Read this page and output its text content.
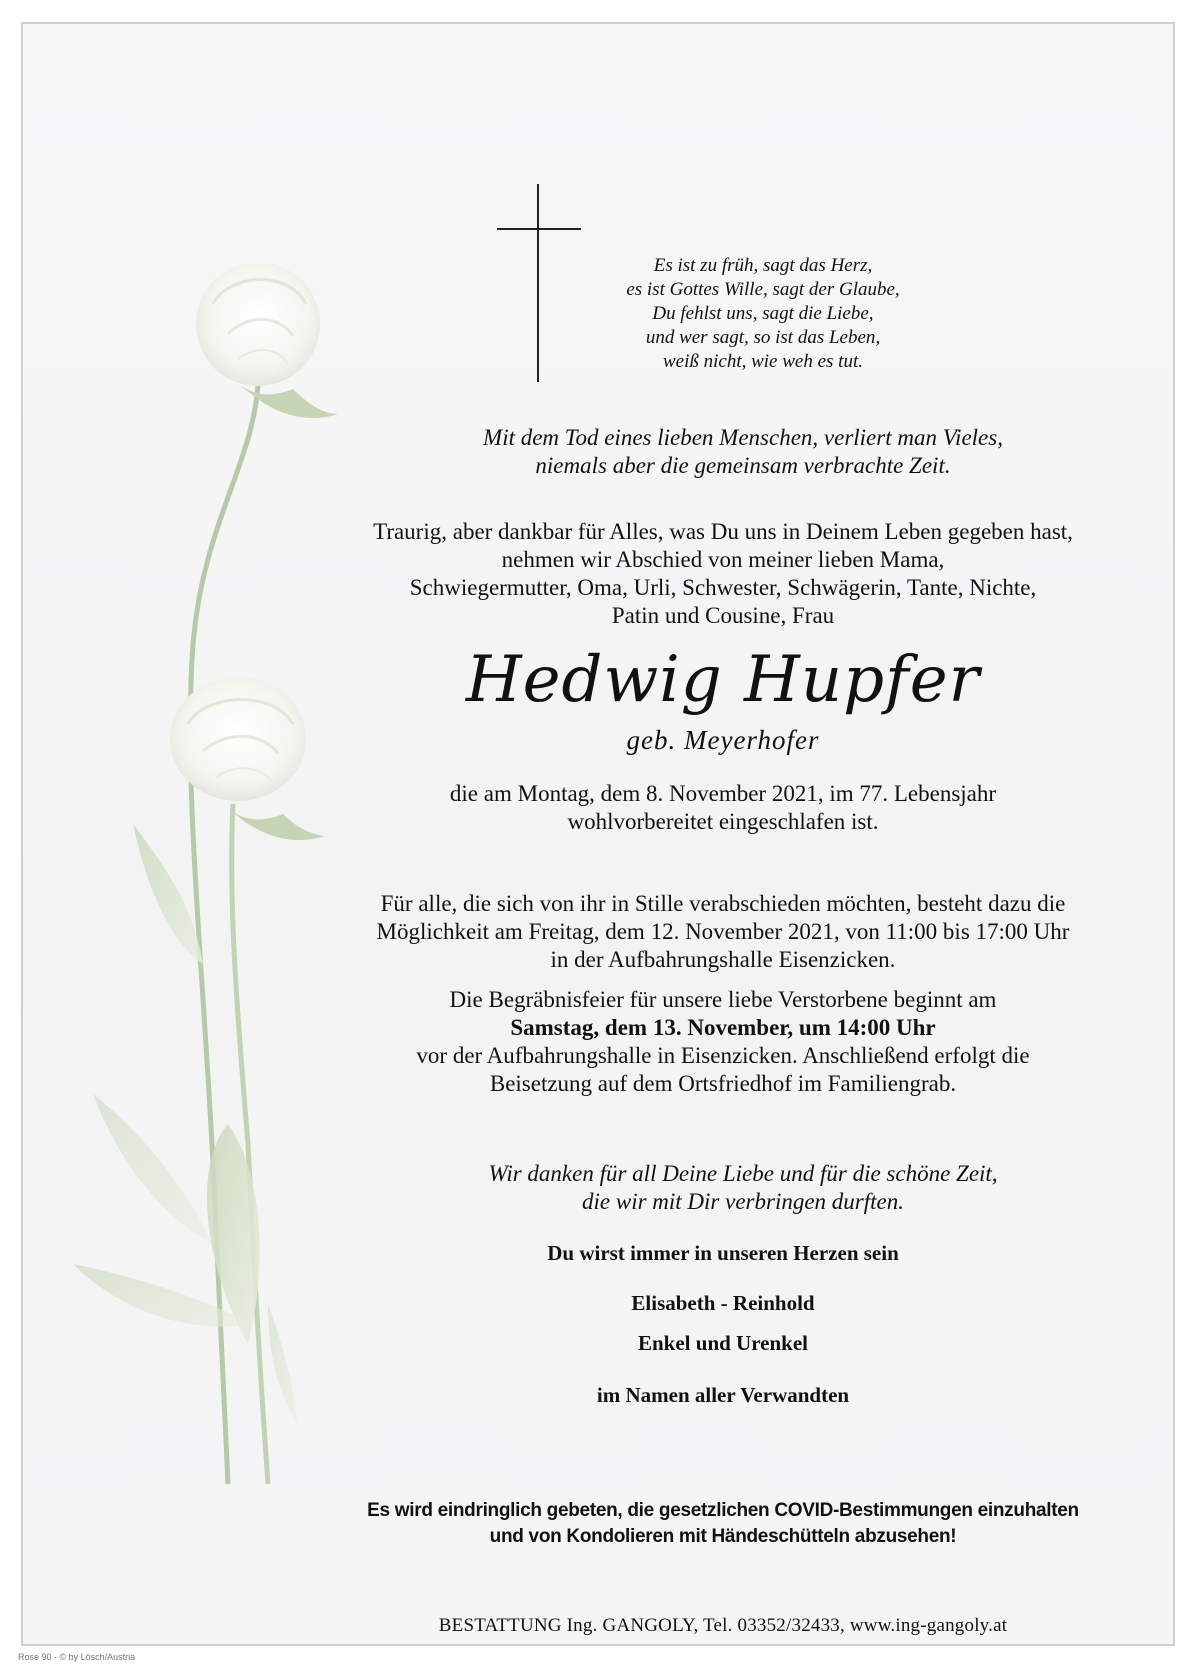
Es ist zu früh, sagt das Herz,
es ist Gottes Wille, sagt der Glaube,
Du fehlst uns, sagt die Liebe,
und wer sagt, so ist das Leben,
weiß nicht, wie weh es tut.
Mit dem Tod eines lieben Menschen, verliert man Vieles,
niemals aber die gemeinsam verbrachte Zeit.
Traurig, aber dankbar für Alles, was Du uns in Deinem Leben gegeben hast,
nehmen wir Abschied von meiner lieben Mama,
Schwiegermutter, Oma, Urli, Schwester, Schwägerin, Tante, Nichte,
Patin und Cousine, Frau
Hedwig Hupfer
geb. Meyerhofer
die am Montag, dem 8. November 2021, im 77. Lebensjahr
wohlvorbereitet eingeschlafen ist.
Für alle, die sich von ihr in Stille verabschieden möchten, besteht dazu die
Möglichkeit am Freitag, dem 12. November 2021, von 11:00 bis 17:00 Uhr
in der Aufbahrungshalle Eisenzicken.
Die Begräbnisfeier für unsere liebe Verstorbene beginnt am
Samstag, dem 13. November, um 14:00 Uhr
vor der Aufbahrungshalle in Eisenzicken. Anschließend erfolgt die
Beisetzung auf dem Ortsfriedhof im Familiengrab.
Wir danken für all Deine Liebe und für die schöne Zeit,
die wir mit Dir verbringen durften.
Du wirst immer in unseren Herzen sein
Elisabeth - Reinhold
Enkel und Urenkel
im Namen aller Verwandten
Es wird eindringlich gebeten, die gesetzlichen COVID-Bestimmungen einzuhalten
und von Kondolieren mit Händeschütteln abzusehen!
BESTATTUNG Ing. GANGOLY, Tel. 03352/32433, www.ing-gangoly.at
Rose 90 - © by Lösch/Austria
